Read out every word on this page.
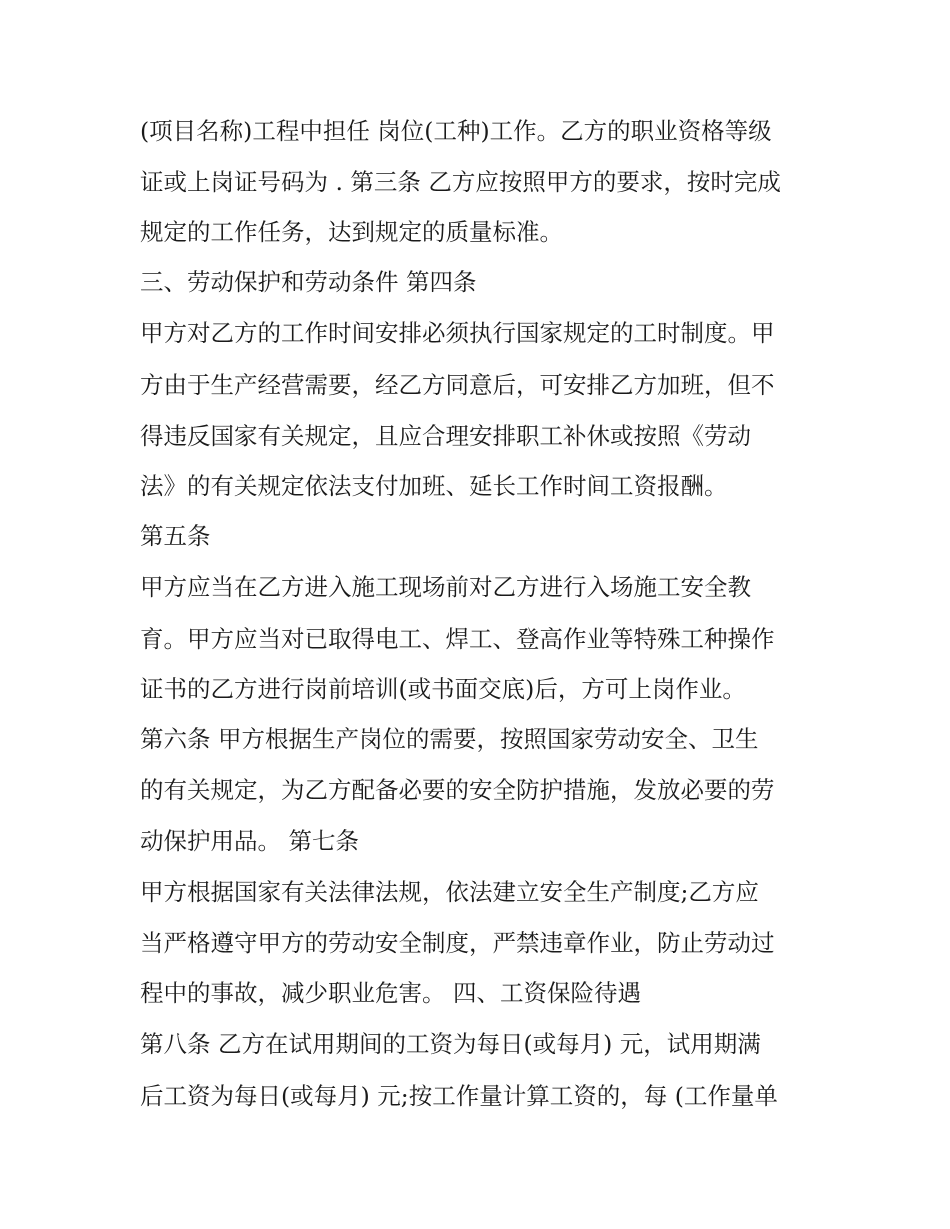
(项目名称)工程中担任 岗位(工种)工作。乙方的职业资格等级
证或上岗证号码为 . 第三条 乙方应按照甲方的要求，按时完成
规定的工作任务，达到规定的质量标准。
三、劳动保护和劳动条件 第四条
甲方对乙方的工作时间安排必须执行国家规定的工时制度。甲
方由于生产经营需要，经乙方同意后，可安排乙方加班，但不
得违反国家有关规定，且应合理安排职工补休或按照《劳动
法》的有关规定依法支付加班、延长工作时间工资报酬。
第五条
甲方应当在乙方进入施工现场前对乙方进行入场施工安全教
育。甲方应当对已取得电工、焊工、登高作业等特殊工种操作
证书的乙方进行岗前培训(或书面交底)后，方可上岗作业。
第六条 甲方根据生产岗位的需要，按照国家劳动安全、卫生
的有关规定，为乙方配备必要的安全防护措施，发放必要的劳
动保护用品。 第七条
甲方根据国家有关法律法规，依法建立安全生产制度;乙方应
当严格遵守甲方的劳动安全制度，严禁违章作业，防止劳动过
程中的事故，减少职业危害。 四、工资保险待遇
第八条 乙方在试用期间的工资为每日(或每月) 元，试用期满
后工资为每日(或每月) 元;按工作量计算工资的，每 (工作量单
